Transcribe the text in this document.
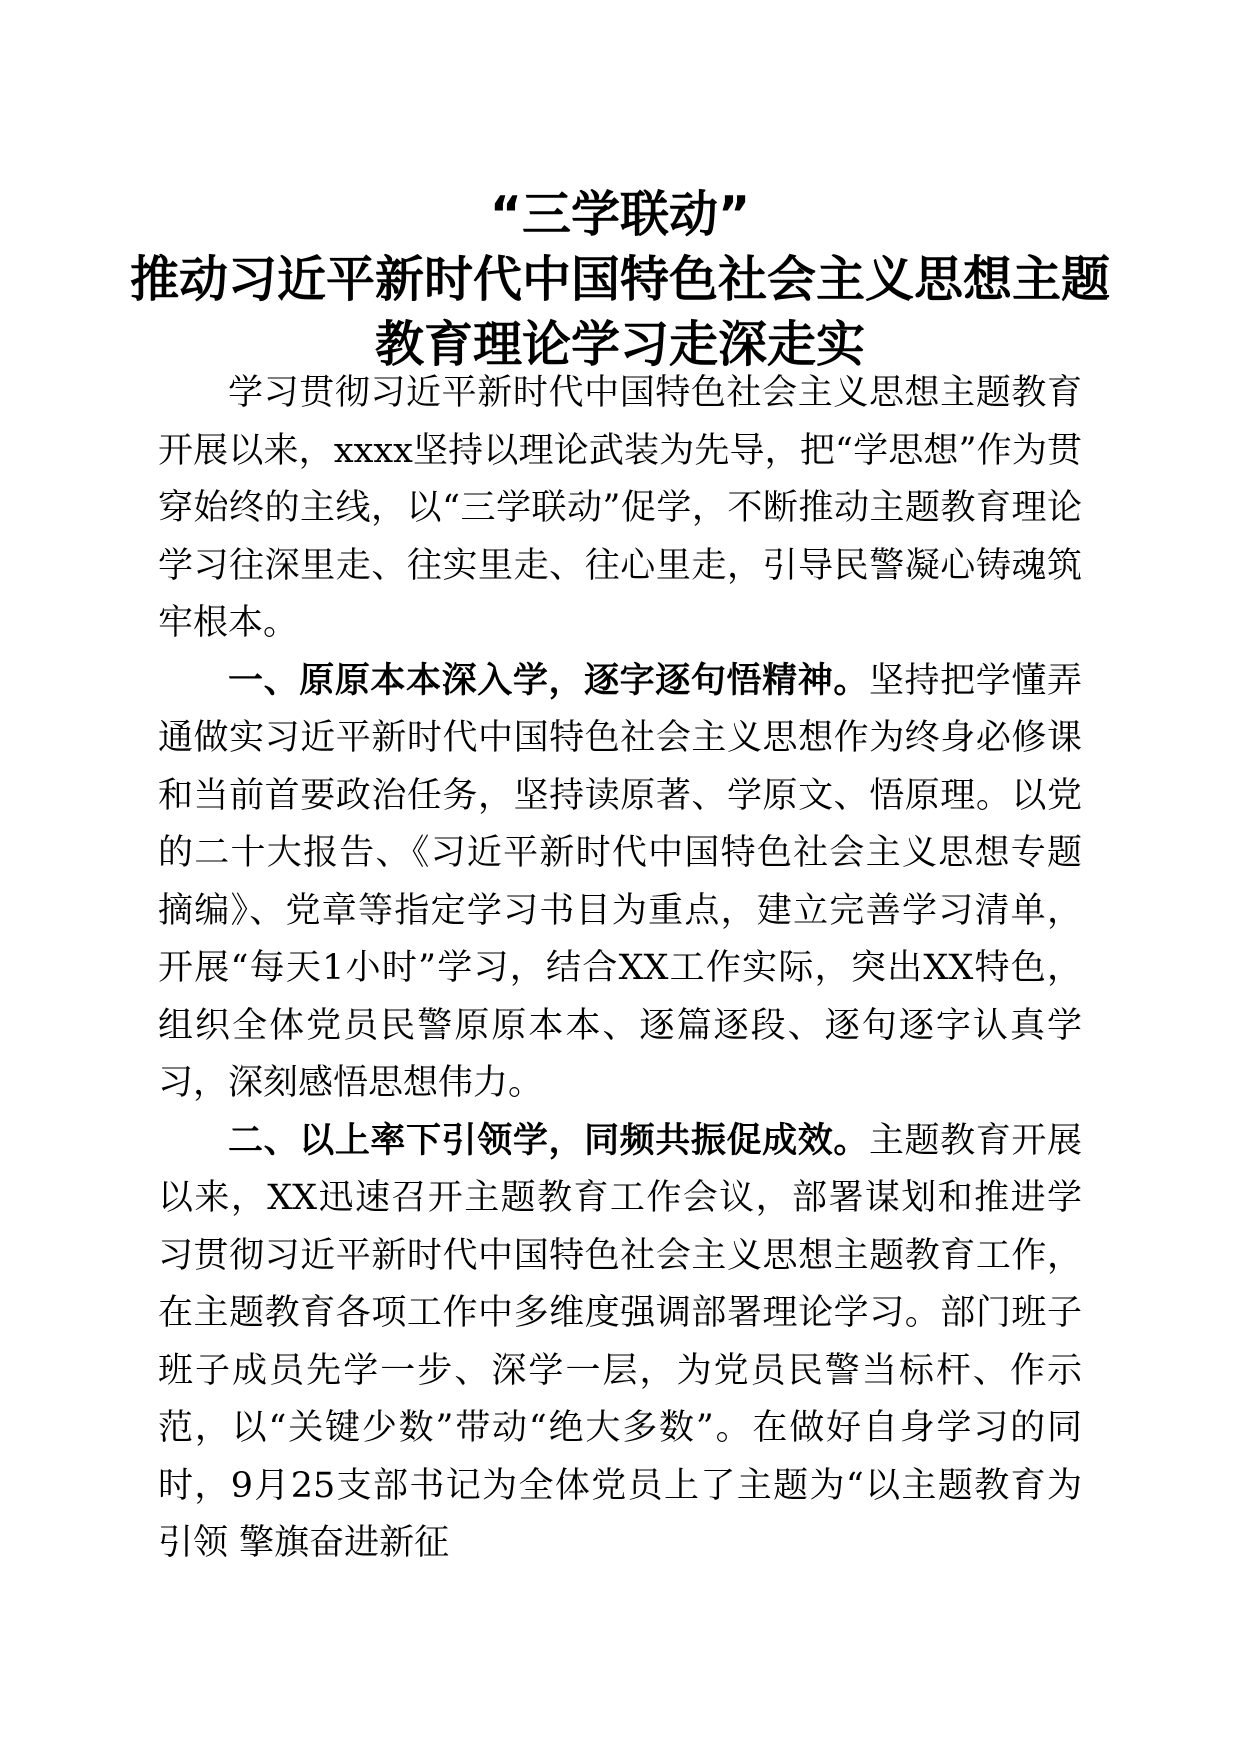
“三学联动”
推动习近平新时代中国特色社会主义思想主题
教育理论学习走深走实

学习贯彻习近平新时代中国特色社会主义思想主题教育开展以来，xxxx坚持以理论武装为先导，把“学思想”作为贯穿始终的主线，以“三学联动”促学，不断推动主题教育理论学习往深里走、往实里走、往心里走，引导民警凝心铸魂筑牢根本。

一、原原本本深入学，逐字逐句悟精神。坚持把学懂弄通做实习近平新时代中国特色社会主义思想作为终身必修课和当前首要政治任务，坚持读原著、学原文、悟原理。以党的二十大报告、《习近平新时代中国特色社会主义思想专题摘编》、党章等指定学习书目为重点，建立完善学习清单，开展“每天1小时”学习，结合XX工作实际，突出XX特色，组织全体党员民警原原本本、逐篇逐段、逐句逐字认真学习，深刻感悟思想伟力。

二、以上率下引领学，同频共振促成效。主题教育开展以来，XX迅速召开主题教育工作会议，部署谋划和推进学习贯彻习近平新时代中国特色社会主义思想主题教育工作，在主题教育各项工作中多维度强调部署理论学习。部门班子班子成员先学一步、深学一层，为党员民警当标杆、作示范，以“关键少数”带动“绝大多数”。在做好自身学习的同时，9月25支部书记为全体党员上了主题为“以主题教育为引领 擎旗奋进新征
